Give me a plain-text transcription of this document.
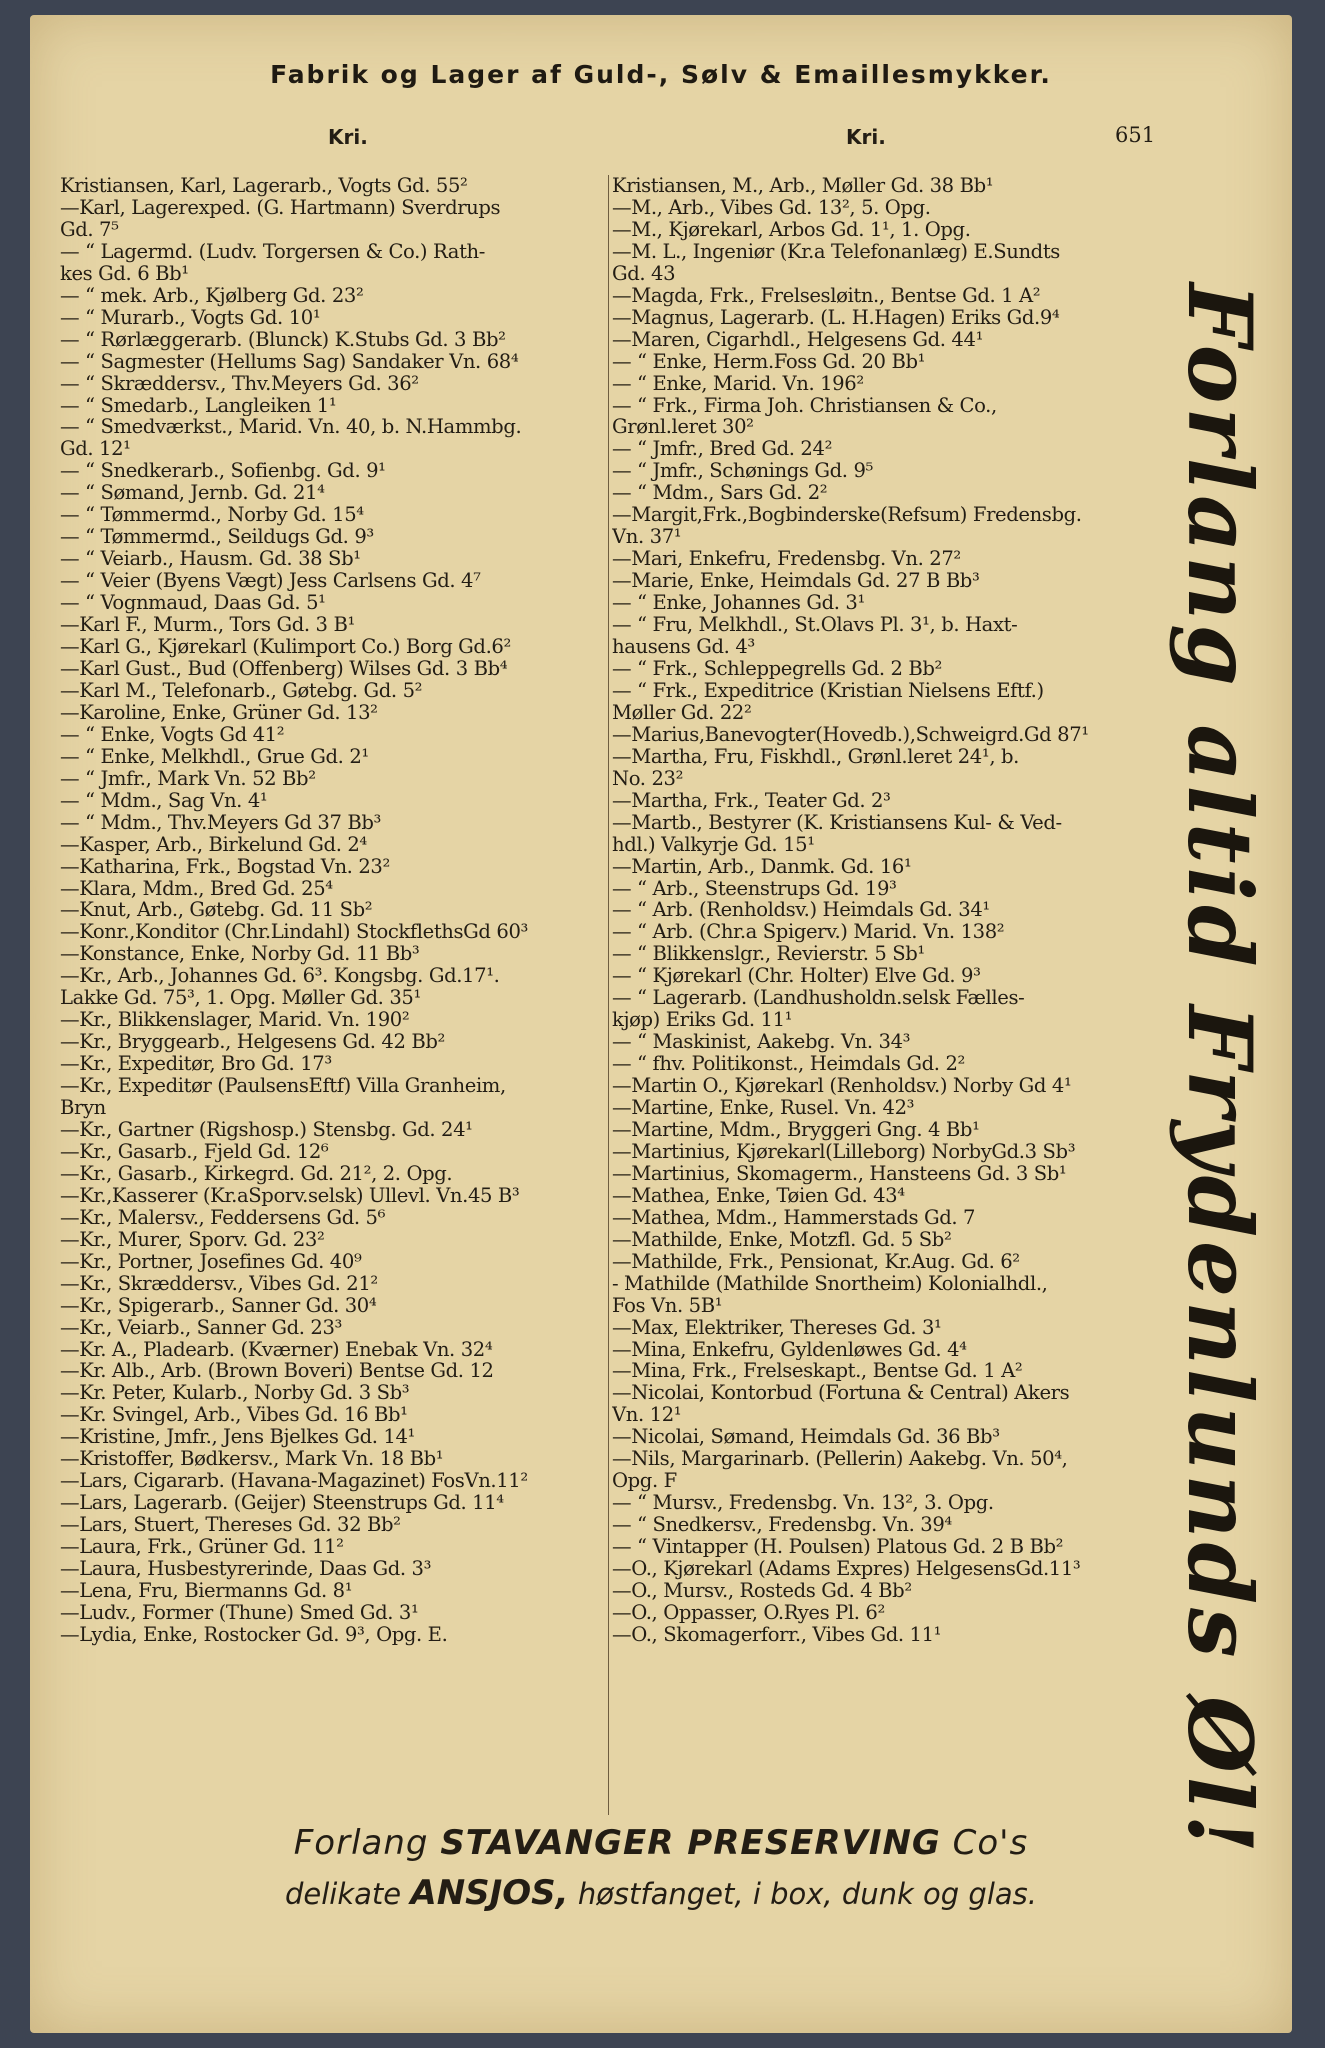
Fabrik og Lager af Guld-, Sølv & Emaillesmykker.
Kri.	Kri.	651
Kristiansen, Karl, Lagerarb., Vogts Gd. 55²
—Karl, Lagerexped. (G. Hartmann) Sverdrups
Gd. 7⁵
— “ Lagermd. (Ludv. Torgersen & Co.) Rath-
kes Gd. 6 Bb¹
— “ mek. Arb., Kjølberg Gd. 23²
— “ Murarb., Vogts Gd. 10¹
— “ Rørlæggerarb. (Blunck) K.Stubs Gd. 3 Bb²
— “ Sagmester (Hellums Sag) Sandaker Vn. 68⁴
— “ Skræddersv., Thv.Meyers Gd. 36²
— “ Smedarb., Langleiken 1¹
— “ Smedværkst., Marid. Vn. 40, b. N.Hammbg.
Gd. 12¹
— “ Snedkerarb., Sofienbg. Gd. 9¹
— “ Sømand, Jernb. Gd. 21⁴
— “ Tømmermd., Norby Gd. 15⁴
— “ Tømmermd., Seildugs Gd. 9³
— “ Veiarb., Hausm. Gd. 38 Sb¹
— “ Veier (Byens Vægt) Jess Carlsens Gd. 4⁷
— “ Vognmaud, Daas Gd. 5¹
—Karl F., Murm., Tors Gd. 3 B¹
—Karl G., Kjørekarl (Kulimport Co.) Borg Gd.6²
—Karl Gust., Bud (Offenberg) Wilses Gd. 3 Bb⁴
—Karl M., Telefonarb., Gøtebg. Gd. 5²
—Karoline, Enke, Grüner Gd. 13²
— “ Enke, Vogts Gd 41²
— “ Enke, Melkhdl., Grue Gd. 2¹
— “ Jmfr., Mark Vn. 52 Bb²
— “ Mdm., Sag Vn. 4¹
— “ Mdm., Thv.Meyers Gd 37 Bb³
—Kasper, Arb., Birkelund Gd. 2⁴
—Katharina, Frk., Bogstad Vn. 23²
—Klara, Mdm., Bred Gd. 25⁴
—Knut, Arb., Gøtebg. Gd. 11 Sb²
—Konr.,Konditor (Chr.Lindahl) StockflethsGd 60³
—Konstance, Enke, Norby Gd. 11 Bb³
—Kr., Arb., Johannes Gd. 6³. Kongsbg. Gd.17¹.
Lakke Gd. 75³, 1. Opg. Møller Gd. 35¹
—Kr., Blikkenslager, Marid. Vn. 190²
—Kr., Bryggearb., Helgesens Gd. 42 Bb²
—Kr., Expeditør, Bro Gd. 17³
—Kr., Expeditør (PaulsensEftf) Villa Granheim,
Bryn
—Kr., Gartner (Rigshosp.) Stensbg. Gd. 24¹
—Kr., Gasarb., Fjeld Gd. 12⁶
—Kr., Gasarb., Kirkegrd. Gd. 21², 2. Opg.
—Kr.,Kasserer (Kr.aSporv.selsk) Ullevl. Vn.45 B³
—Kr., Malersv., Feddersens Gd. 5⁶
—Kr., Murer, Sporv. Gd. 23²
—Kr., Portner, Josefines Gd. 40⁹
—Kr., Skræddersv., Vibes Gd. 21²
—Kr., Spigerarb., Sanner Gd. 30⁴
—Kr., Veiarb., Sanner Gd. 23³
—Kr. A., Pladearb. (Kværner) Enebak Vn. 32⁴
—Kr. Alb., Arb. (Brown Boveri) Bentse Gd. 12
—Kr. Peter, Kularb., Norby Gd. 3 Sb³
—Kr. Svingel, Arb., Vibes Gd. 16 Bb¹
—Kristine, Jmfr., Jens Bjelkes Gd. 14¹
—Kristoffer, Bødkersv., Mark Vn. 18 Bb¹
—Lars, Cigararb. (Havana-Magazinet) FosVn.11²
—Lars, Lagerarb. (Geijer) Steenstrups Gd. 11⁴
—Lars, Stuert, Thereses Gd. 32 Bb²
—Laura, Frk., Grüner Gd. 11²
—Laura, Husbestyrerinde, Daas Gd. 3³
—Lena, Fru, Biermanns Gd. 8¹
—Ludv., Former (Thune) Smed Gd. 3¹
—Lydia, Enke, Rostocker Gd. 9³, Opg. E.
Kristiansen, M., Arb., Møller Gd. 38 Bb¹
—M., Arb., Vibes Gd. 13², 5. Opg.
—M., Kjørekarl, Arbos Gd. 1¹, 1. Opg.
—M. L., Ingeniør (Kr.a Telefonanlæg) E.Sundts
Gd. 43
—Magda, Frk., Frelsesløitn., Bentse Gd. 1 A²
—Magnus, Lagerarb. (L. H.Hagen) Eriks Gd.9⁴
—Maren, Cigarhdl., Helgesens Gd. 44¹
— “ Enke, Herm.Foss Gd. 20 Bb¹
— “ Enke, Marid. Vn. 196²
— “ Frk., Firma Joh. Christiansen & Co.,
Grønl.leret 30²
— “ Jmfr., Bred Gd. 24²
— “ Jmfr., Schønings Gd. 9⁵
— “ Mdm., Sars Gd. 2²
—Margit,Frk.,Bogbinderske(Refsum) Fredensbg.
Vn. 37¹
—Mari, Enkefru, Fredensbg. Vn. 27²
—Marie, Enke, Heimdals Gd. 27 B Bb³
— “ Enke, Johannes Gd. 3¹
— “ Fru, Melkhdl., St.Olavs Pl. 3¹, b. Haxt-
hausens Gd. 4³
— “ Frk., Schleppegrells Gd. 2 Bb²
— “ Frk., Expeditrice (Kristian Nielsens Eftf.)
Møller Gd. 22²
—Marius,Banevogter(Hovedb.),Schweigrd.Gd 87¹
—Martha, Fru, Fiskhdl., Grønl.leret 24¹, b.
No. 23²
—Martha, Frk., Teater Gd. 2³
—Martb., Bestyrer (K. Kristiansens Kul- & Ved-
hdl.) Valkyrje Gd. 15¹
—Martin, Arb., Danmk. Gd. 16¹
— “ Arb., Steenstrups Gd. 19³
— “ Arb. (Renholdsv.) Heimdals Gd. 34¹
— “ Arb. (Chr.a Spigerv.) Marid. Vn. 138²
— “ Blikkenslgr., Revierstr. 5 Sb¹
— “ Kjørekarl (Chr. Holter) Elve Gd. 9³
— “ Lagerarb. (Landhusholdn.selsk Fælles-
kjøp) Eriks Gd. 11¹
— “ Maskinist, Aakebg. Vn. 34³
— “ fhv. Politikonst., Heimdals Gd. 2²
—Martin O., Kjørekarl (Renholdsv.) Norby Gd 4¹
—Martine, Enke, Rusel. Vn. 42³
—Martine, Mdm., Bryggeri Gng. 4 Bb¹
—Martinius, Kjørekarl(Lilleborg) NorbyGd.3 Sb³
—Martinius, Skomagerm., Hansteens Gd. 3 Sb¹
—Mathea, Enke, Tøien Gd. 43⁴
—Mathea, Mdm., Hammerstads Gd. 7
—Mathilde, Enke, Motzfl. Gd. 5 Sb²
—Mathilde, Frk., Pensionat, Kr.Aug. Gd. 6²
- Mathilde (Mathilde Snortheim) Kolonialhdl.,
Fos Vn. 5B¹
—Max, Elektriker, Thereses Gd. 3¹
—Mina, Enkefru, Gyldenløwes Gd. 4⁴
—Mina, Frk., Frelseskapt., Bentse Gd. 1 A²
—Nicolai, Kontorbud (Fortuna & Central) Akers
Vn. 12¹
—Nicolai, Sømand, Heimdals Gd. 36 Bb³
—Nils, Margarinarb. (Pellerin) Aakebg. Vn. 50⁴,
Opg. F
— “ Mursv., Fredensbg. Vn. 13², 3. Opg.
— “ Snedkersv., Fredensbg. Vn. 39⁴
— “ Vintapper (H. Poulsen) Platous Gd. 2 B Bb²
—O., Kjørekarl (Adams Expres) HelgesensGd.11³
—O., Mursv., Rosteds Gd. 4 Bb²
—O., Oppasser, O.Ryes Pl. 6²
—O., Skomagerforr., Vibes Gd. 11¹	Forlang altid Frydenlunds Øl!
Forlang STAVANGER PRESERVING Co's
delikate ANSJOS, høstfanget, i box, dunk og glas.
